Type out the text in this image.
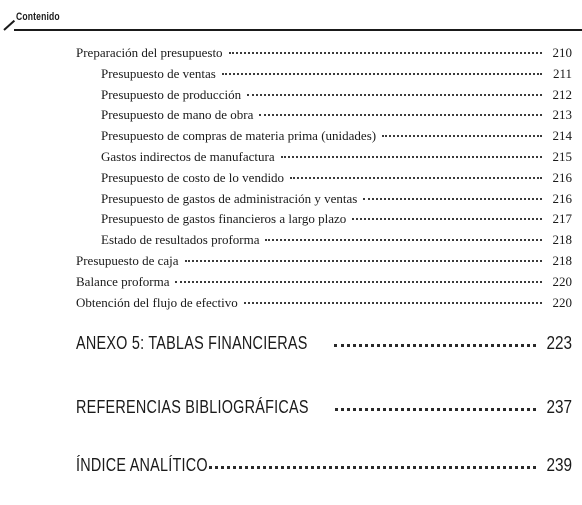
Contenido
Preparación del presupuesto	210
Presupuesto de ventas	211
Presupuesto de producción	212
Presupuesto de mano de obra	213
Presupuesto de compras de materia prima (unidades)	214
Gastos indirectos de manufactura	215
Presupuesto de costo de lo vendido	216
Presupuesto de gastos de administración y ventas	216
Presupuesto de gastos financieros a largo plazo	217
Estado de resultados proforma	218
Presupuesto de caja	218
Balance proforma	220
Obtención del flujo de efectivo	220
ANEXO 5: TABLAS FINANCIERAS	223
REFERENCIAS BIBLIOGRÁFICAS	237
ÍNDICE ANALÍTICO	239
